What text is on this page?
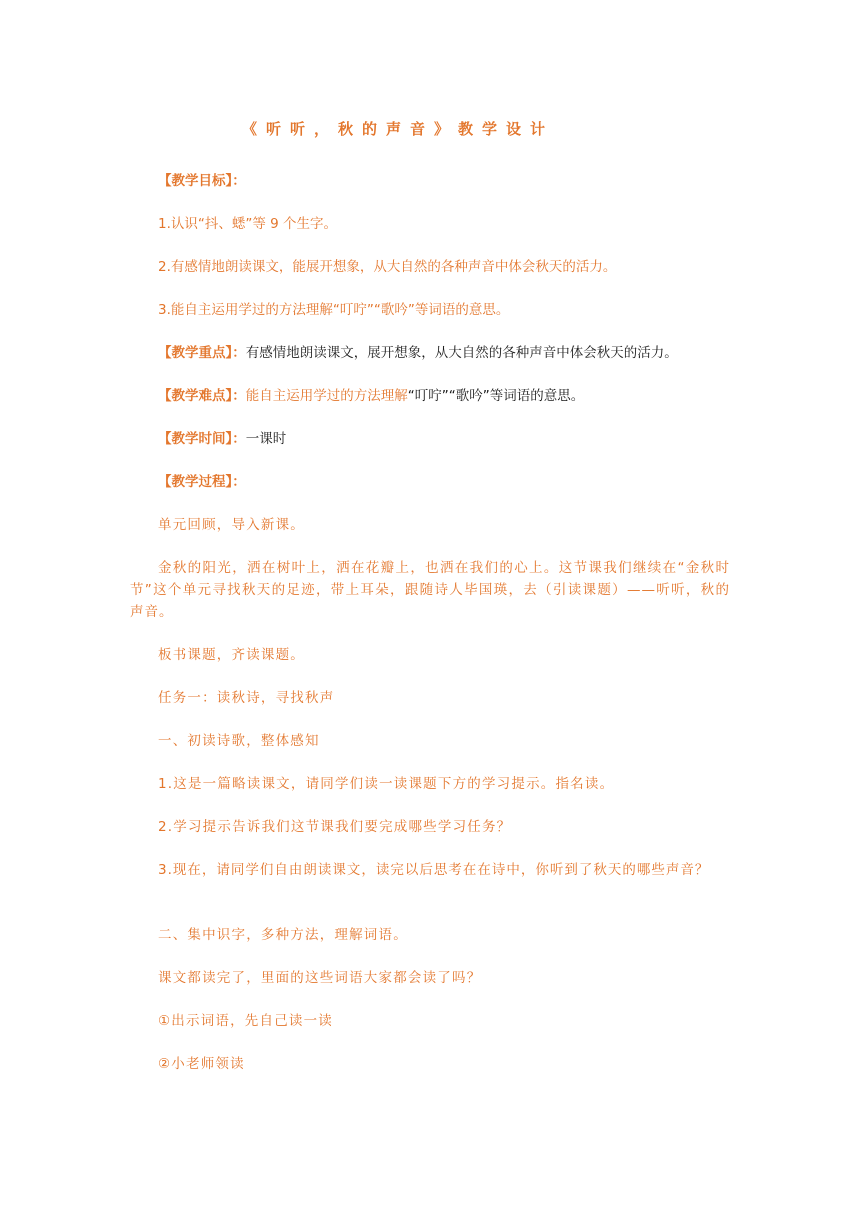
《听听，秋的声音》教学设计
【教学目标】：
1.认识“抖、蟋”等 9 个生字。
2.有感情地朗读课文，能展开想象，从大自然的各种声音中体会秋天的活力。
3.能自主运用学过的方法理解“叮咛”“歌吟”等词语的意思。
【教学重点】：有感情地朗读课文，展开想象，从大自然的各种声音中体会秋天的活力。
【教学难点】：能自主运用学过的方法理解“叮咛”“歌吟”等词语的意思。
【教学时间】：一课时
【教学过程】：
单元回顾，导入新课。
金秋的阳光，洒在树叶上，洒在花瓣上，也洒在我们的心上。这节课我们继续在“金秋时节”这个单元寻找秋天的足迹，带上耳朵，跟随诗人毕国瑛，去（引读课题）——听听，秋的声音。
板书课题，齐读课题。
任务一：读秋诗，寻找秋声
一、初读诗歌，整体感知
1.这是一篇略读课文，请同学们读一读课题下方的学习提示。指名读。
2.学习提示告诉我们这节课我们要完成哪些学习任务？
3.现在，请同学们自由朗读课文，读完以后思考在在诗中，你听到了秋天的哪些声音？
二、集中识字，多种方法，理解词语。
课文都读完了，里面的这些词语大家都会读了吗？
①出示词语，先自己读一读
②小老师领读
